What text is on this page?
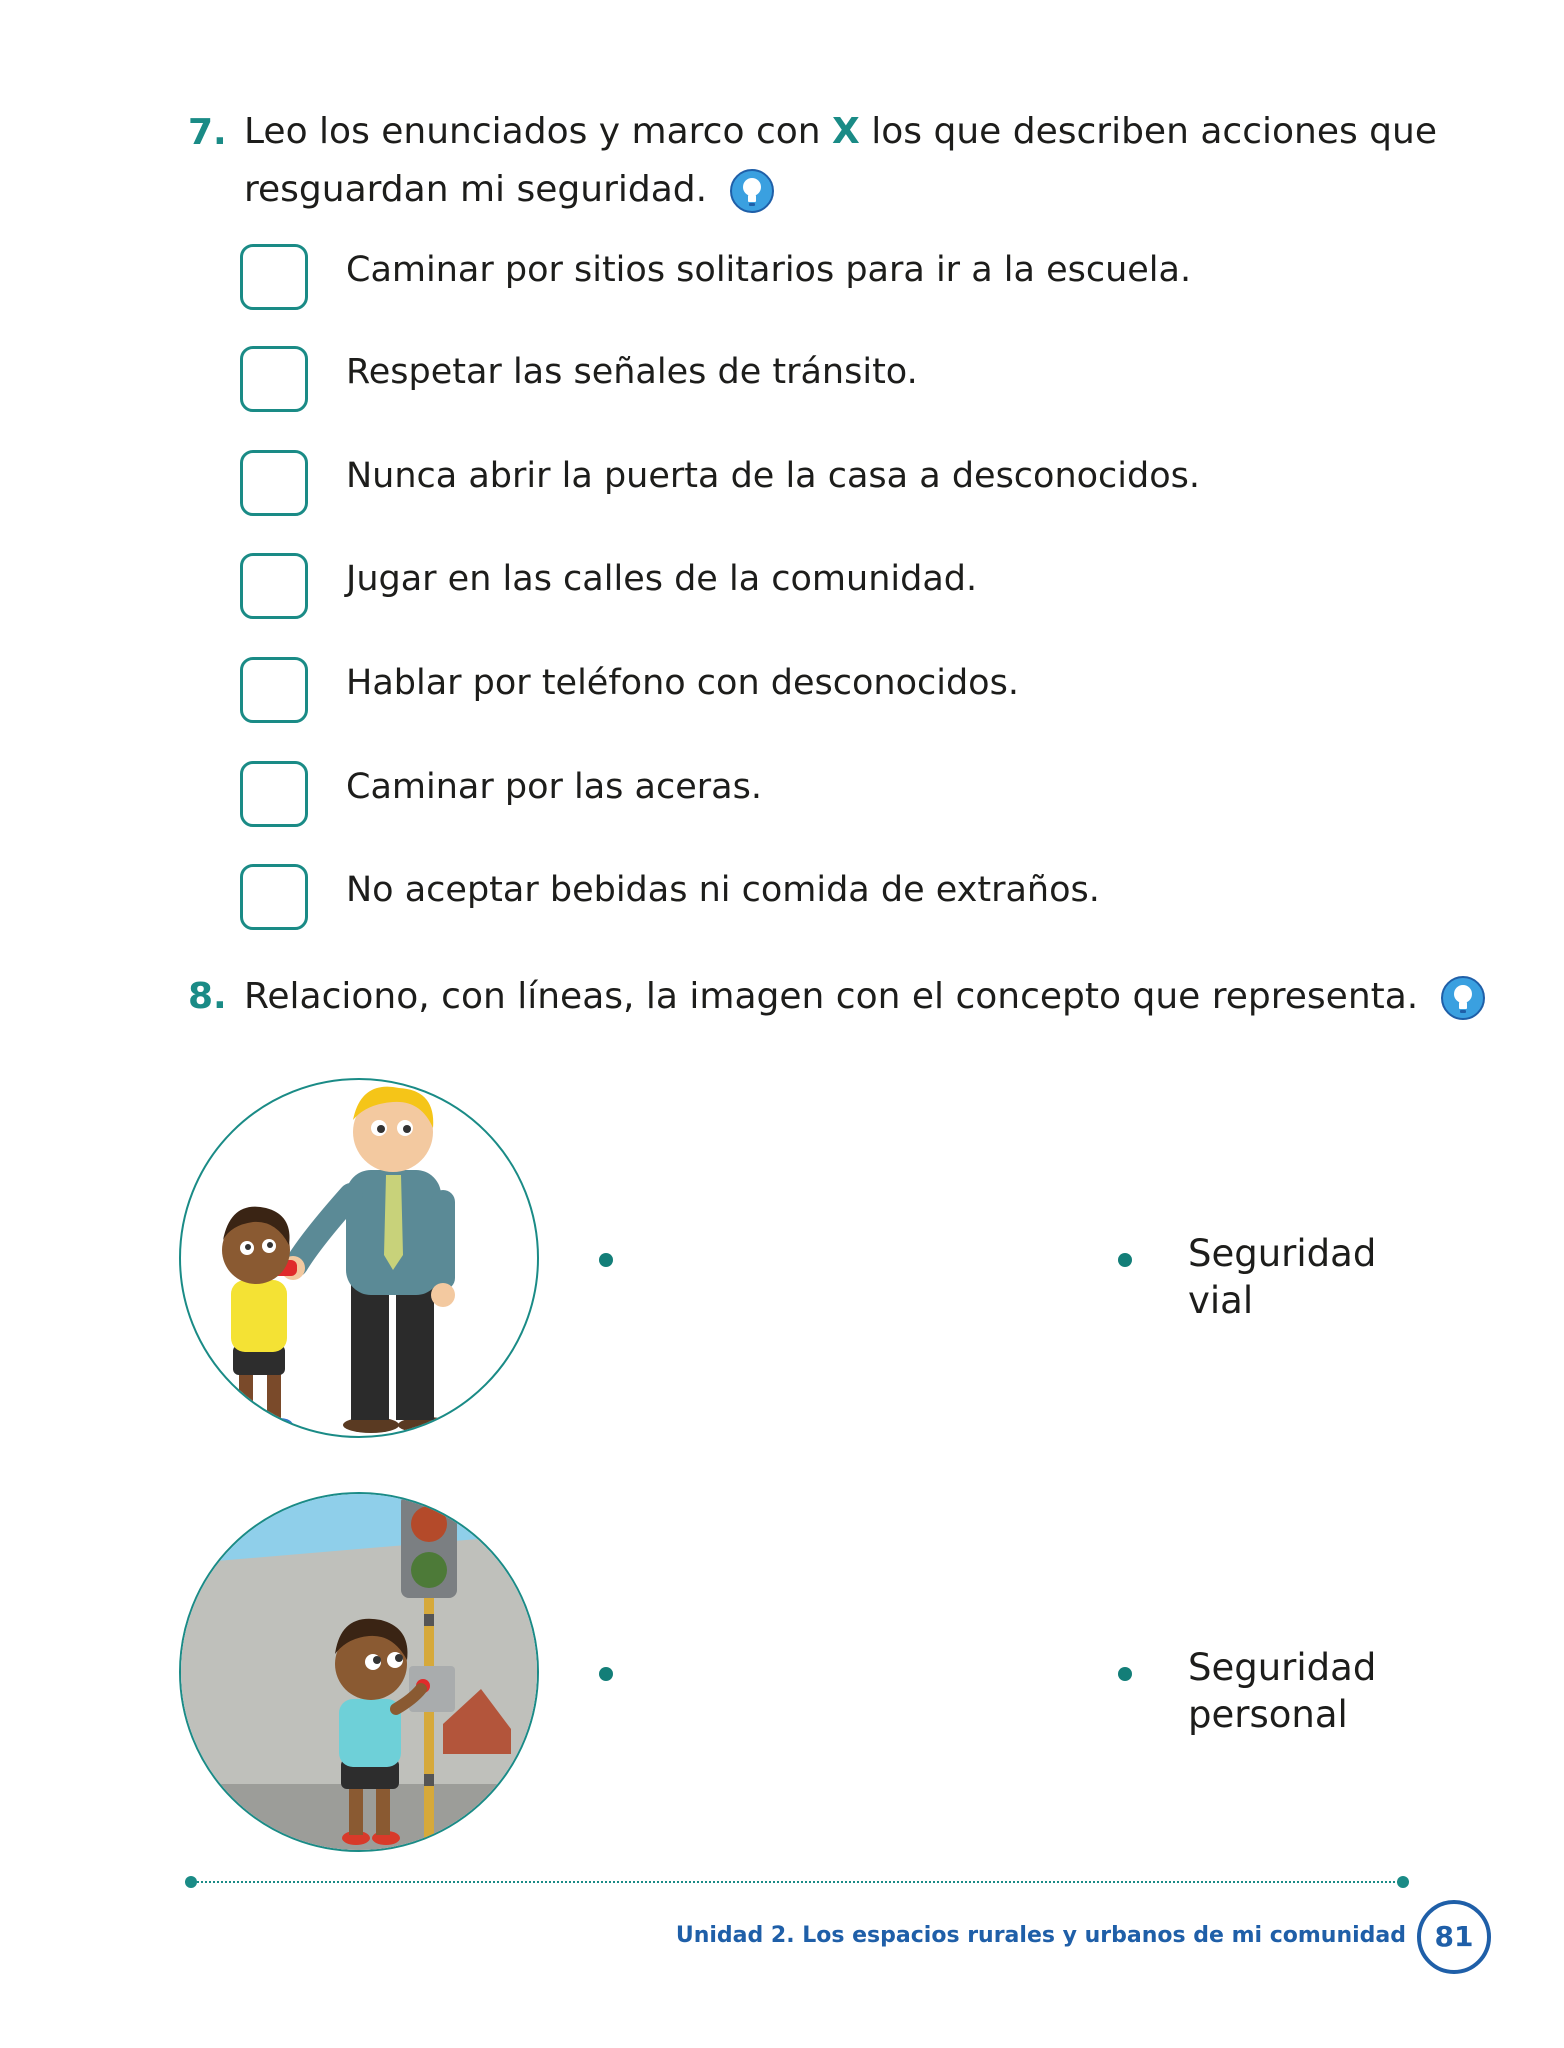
7. Leo los enunciados y marco con X los que describen acciones que
resguardan mi seguridad.
Caminar por sitios solitarios para ir a la escuela.
Respetar las señales de tránsito.
Nunca abrir la puerta de la casa a desconocidos.
Jugar en las calles de la comunidad.
Hablar por teléfono con desconocidos.
Caminar por las aceras.
No aceptar bebidas ni comida de extraños.
8. Relaciono, con líneas, la imagen con el concepto que representa.
Seguridad
vial
Seguridad
personal
Unidad 2. Los espacios rurales y urbanos de mi comunidad	81
